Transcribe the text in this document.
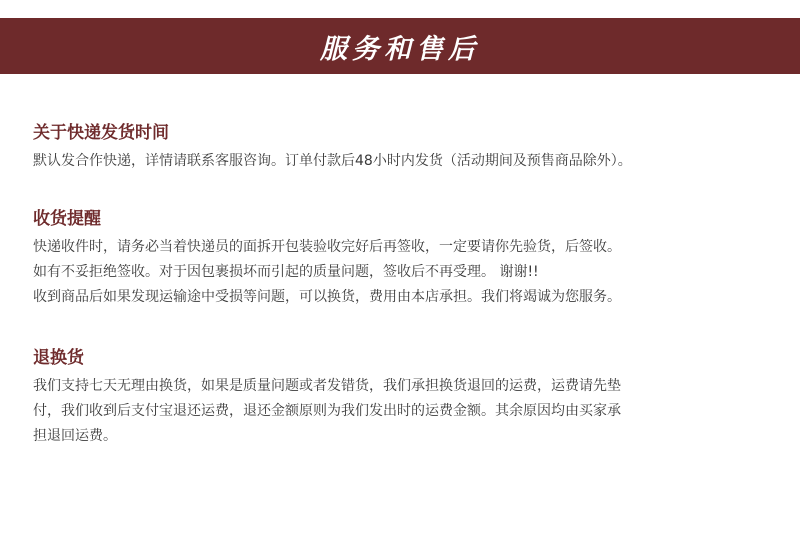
服务和售后
关于快递发货时间

默认发合作快递，详情请联系客服咨询。订单付款后48小时内发货（活动期间及预售商品除外）。

收货提醒

快递收件时，请务必当着快递员的面拆开包装验收完好后再签收，一定要请你先验货，后签收。
如有不妥拒绝签收。对于因包裹损坏而引起的质量问题，签收后不再受理。 谢谢!!
收到商品后如果发现运输途中受损等问题，可以换货，费用由本店承担。我们将竭诚为您服务。

退换货

我们支持七天无理由换货，如果是质量问题或者发错货，我们承担换货退回的运费，运费请先垫
付，我们收到后支付宝退还运费，退还金额原则为我们发出时的运费金额。其余原因均由买家承
担退回运费。
